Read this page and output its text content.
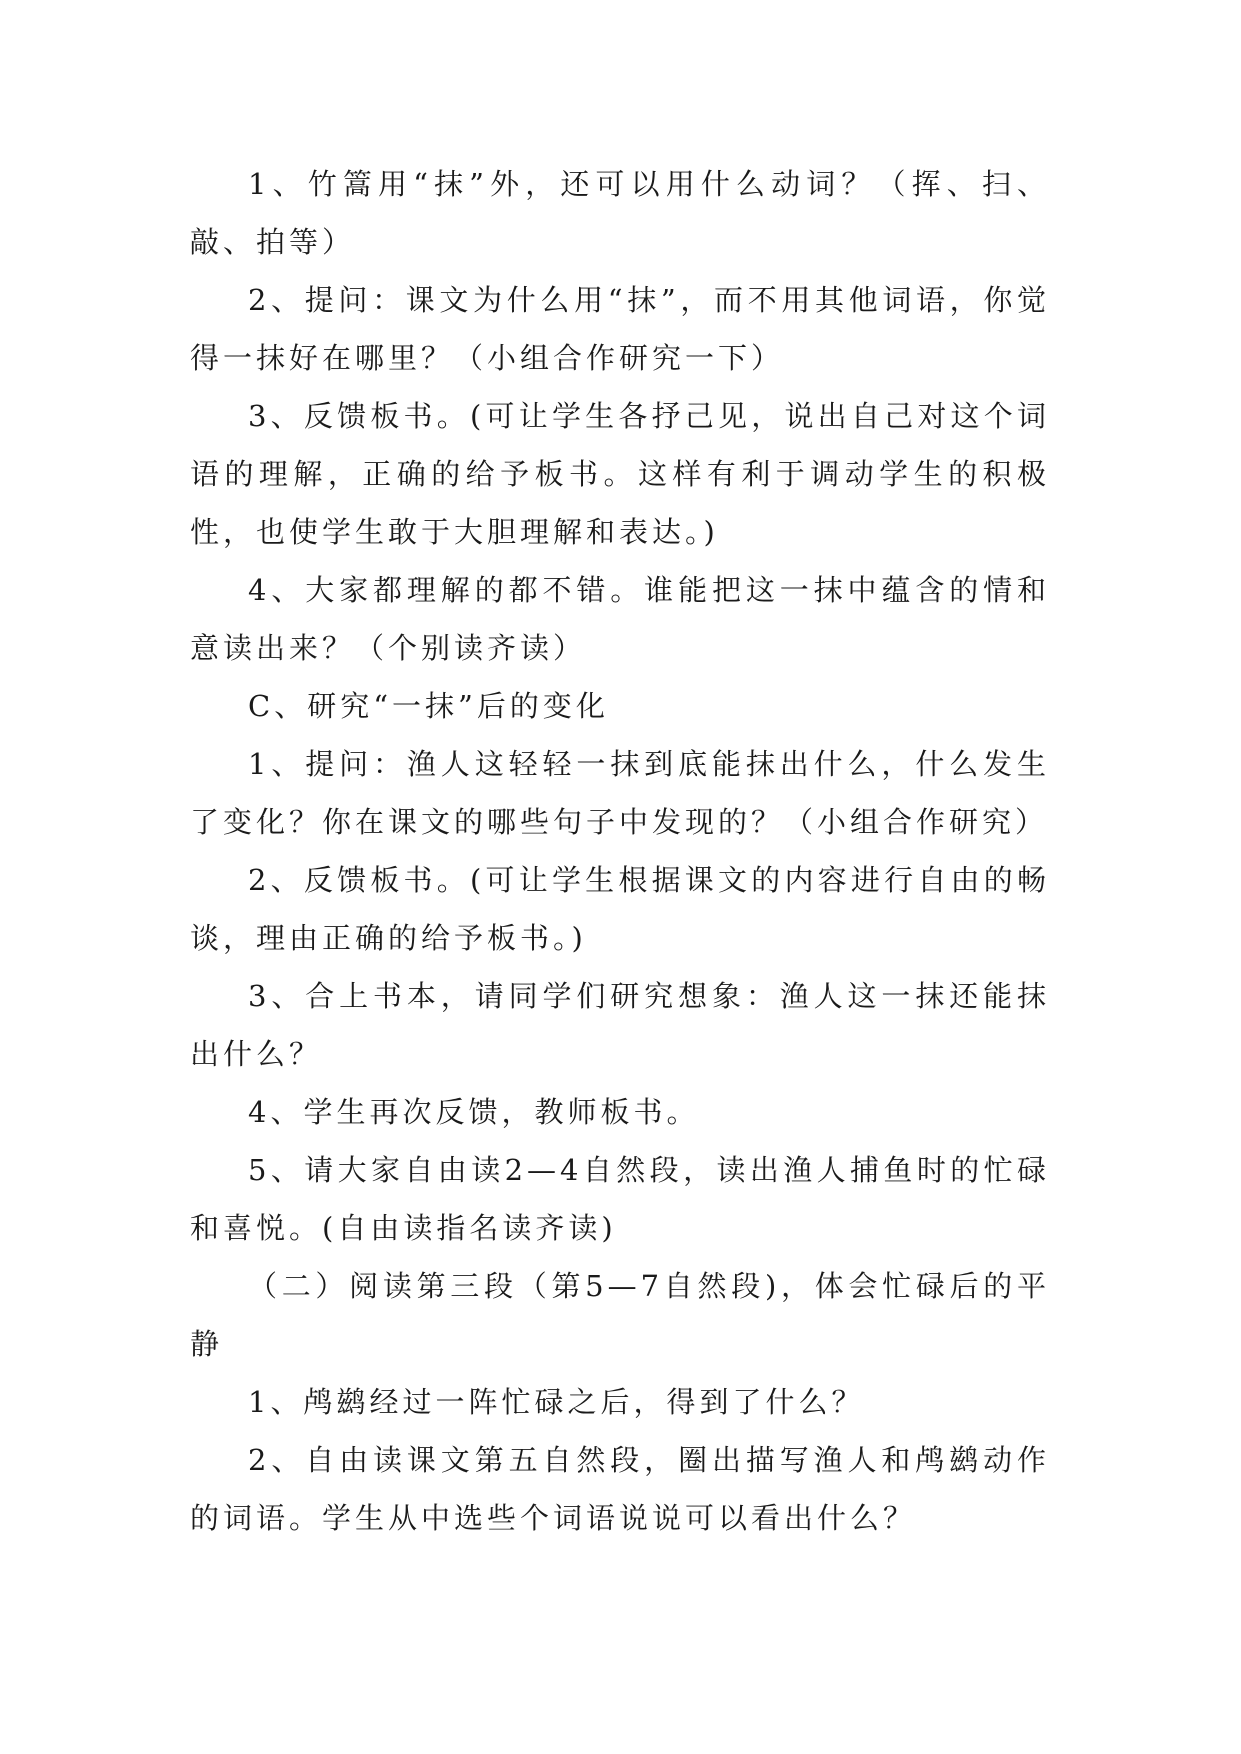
1、竹篙用“抹”外，还可以用什么动词？（挥、扫、敲、拍等）

2、提问：课文为什么用“抹”，而不用其他词语，你觉得一抹好在哪里？（小组合作研究一下）

3、反馈板书。(可让学生各抒己见，说出自己对这个词语的理解，正确的给予板书。这样有利于调动学生的积极性，也使学生敢于大胆理解和表达。)

4、大家都理解的都不错。谁能把这一抹中蕴含的情和意读出来？（个别读齐读）

C、研究“一抹”后的变化

1、提问：渔人这轻轻一抹到底能抹出什么，什么发生了变化？你在课文的哪些句子中发现的？（小组合作研究）

2、反馈板书。(可让学生根据课文的内容进行自由的畅谈，理由正确的给予板书。)

3、合上书本，请同学们研究想象：渔人这一抹还能抹出什么？

4、学生再次反馈，教师板书。

5、请大家自由读2—4自然段，读出渔人捕鱼时的忙碌和喜悦。(自由读指名读齐读)

（二）阅读第三段（第5—7自然段)，体会忙碌后的平静

1、鸬鹚经过一阵忙碌之后，得到了什么？

2、自由读课文第五自然段，圈出描写渔人和鸬鹚动作的词语。学生从中选些个词语说说可以看出什么？
